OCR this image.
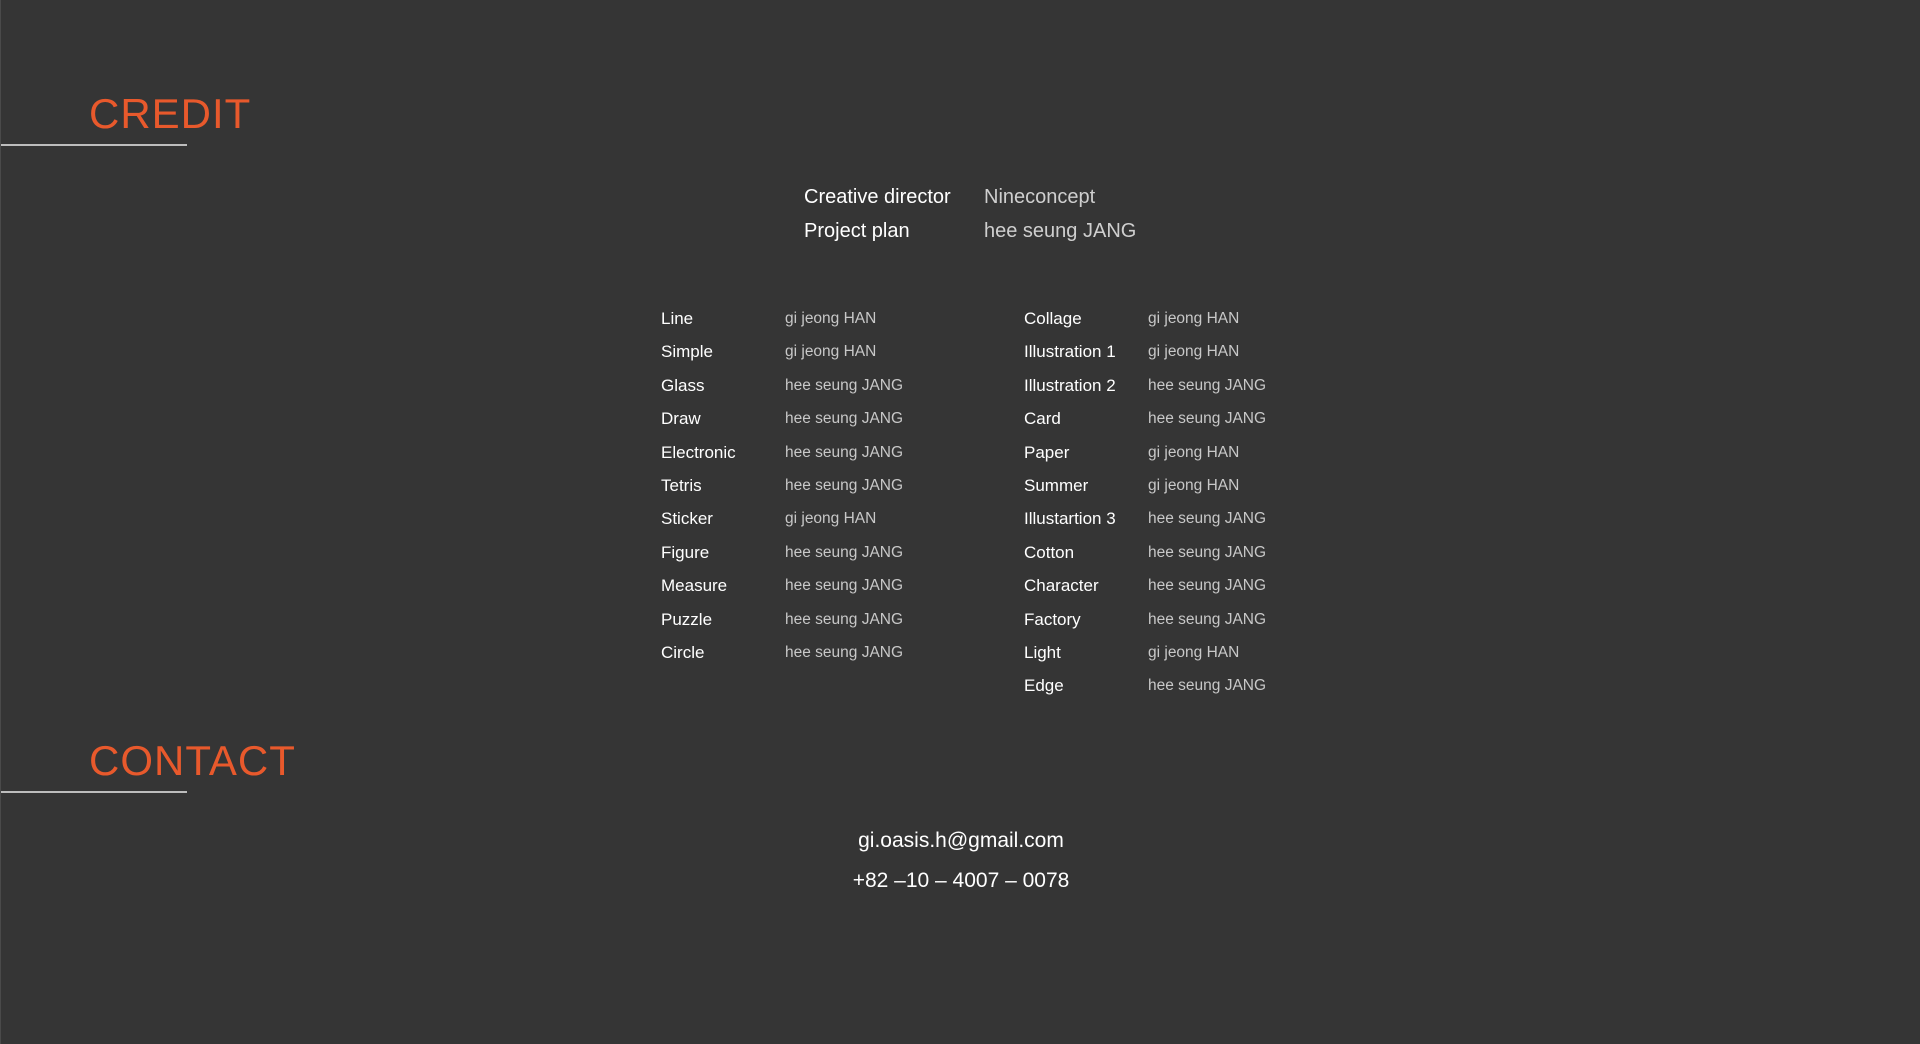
CREDIT
Creative director	Nineconcept
Project plan	hee seung JANG
Line	gi jeong HAN
Simple	gi jeong HAN
Glass	hee seung JANG
Draw	hee seung JANG
Electronic	hee seung JANG
Tetris	hee seung JANG
Sticker	gi jeong HAN
Figure	hee seung JANG
Measure	hee seung JANG
Puzzle	hee seung JANG
Circle	hee seung JANG
Collage	gi jeong HAN
Illustration 1	gi jeong HAN
Illustration 2	hee seung JANG
Card	hee seung JANG
Paper	gi jeong HAN
Summer	gi jeong HAN
Illustartion 3	hee seung JANG
Cotton	hee seung JANG
Character	hee seung JANG
Factory	hee seung JANG
Light	gi jeong HAN
Edge	hee seung JANG
CONTACT
gi.oasis.h@gmail.com
+82 –10 – 4007 – 0078
